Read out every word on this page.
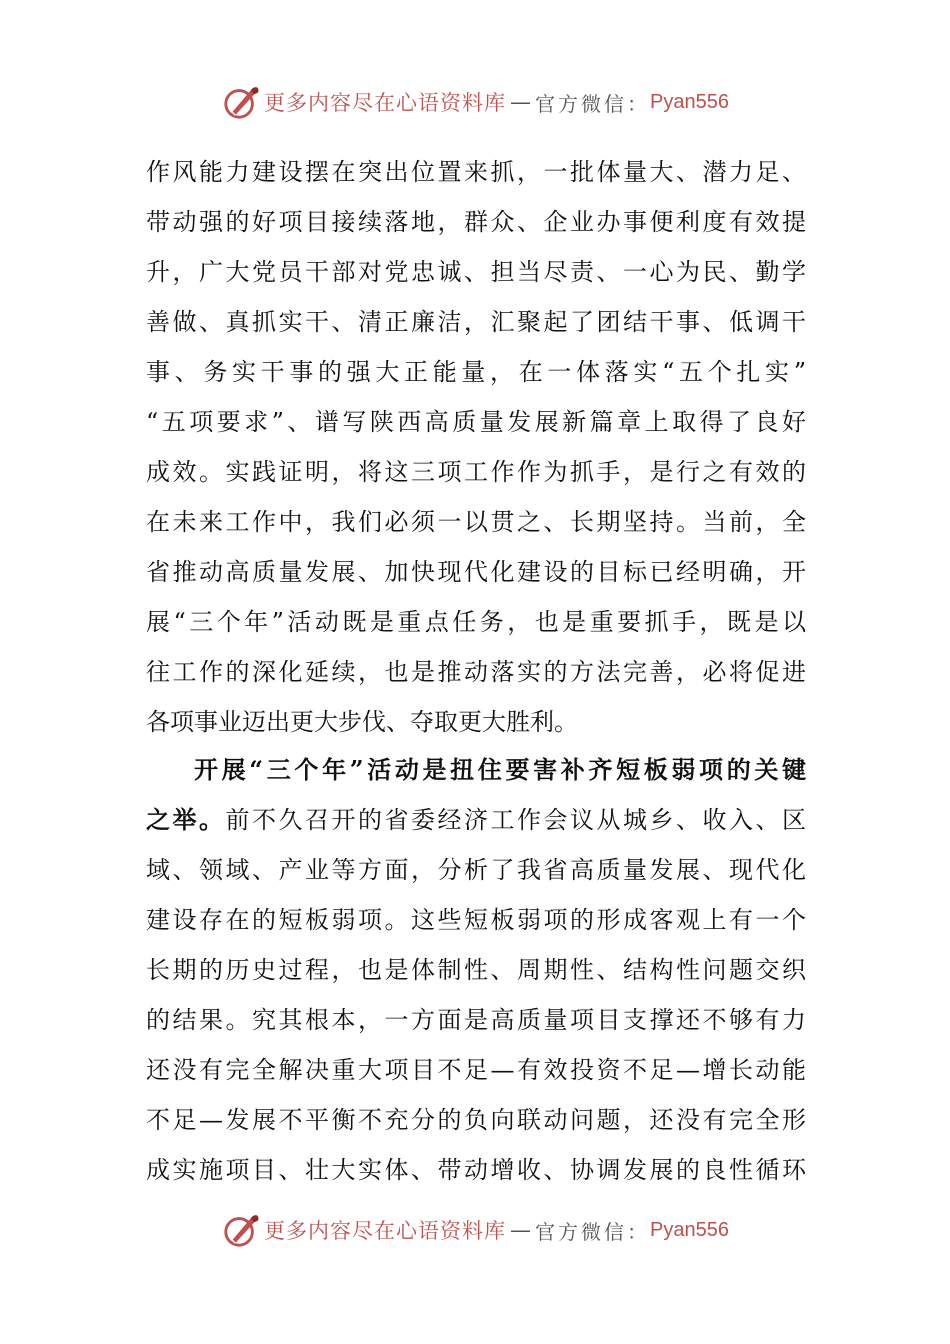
更多内容尽在心语资料库 — 官方微信： Pyan556
作风能力建设摆在突出位置来抓，一批体量大、潜力足、
带动强的好项目接续落地，群众、企业办事便利度有效提
升，广大党员干部对党忠诚、担当尽责、一心为民、勤学
善做、真抓实干、清正廉洁，汇聚起了团结干事、低调干
事、务实干事的强大正能量，在一体落实“五个扎实”
“五项要求”、谱写陕西高质量发展新篇章上取得了良好
成效。实践证明，将这三项工作作为抓手，是行之有效的
在未来工作中，我们必须一以贯之、长期坚持。当前，全
省推动高质量发展、加快现代化建设的目标已经明确，开
展“三个年”活动既是重点任务，也是重要抓手，既是以
往工作的深化延续，也是推动落实的方法完善，必将促进
各项事业迈出更大步伐、夺取更大胜利。
开展“三个年”活动是扭住要害补齐短板弱项的关键
之举。前不久召开的省委经济工作会议从城乡、收入、区
域、领域、产业等方面，分析了我省高质量发展、现代化
建设存在的短板弱项。这些短板弱项的形成客观上有一个
长期的历史过程，也是体制性、周期性、结构性问题交织
的结果。究其根本，一方面是高质量项目支撑还不够有力
还没有完全解决重大项目不足—有效投资不足—增长动能
不足—发展不平衡不充分的负向联动问题，还没有完全形
成实施项目、壮大实体、带动增收、协调发展的良性循环
更多内容尽在心语资料库 — 官方微信： Pyan556
